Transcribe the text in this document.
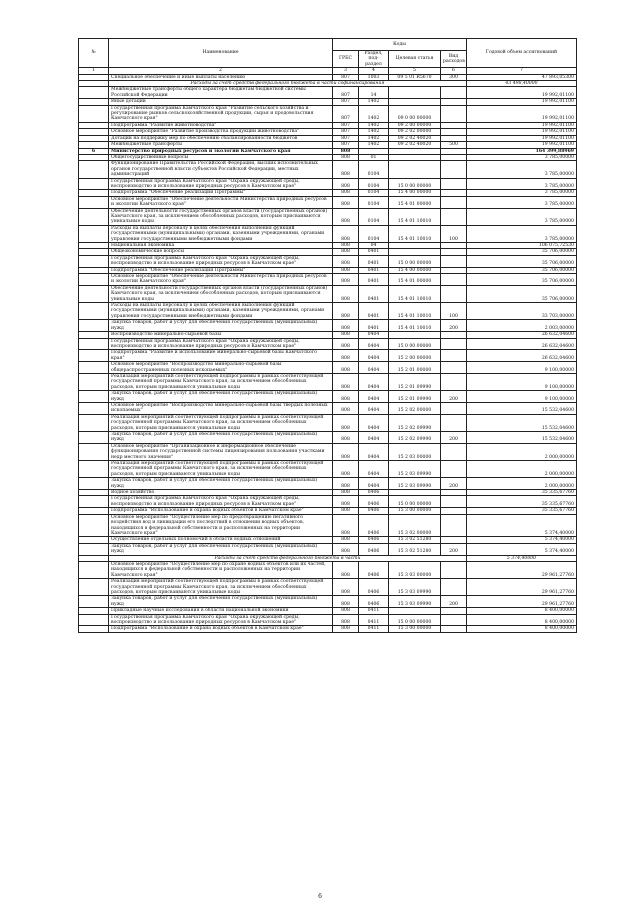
№	Наименование	Коды				Годовой объем ассигнований
		ГРБС	Раздел, под-раздел	Целевая статья	Вид расходов	
1	2	3	4	5	6	7
	Специальное обеспечение и иные выплаты населению	807	1003	09 5 01 R5670	300	47 893,05300
	Расходы за счет средств федерального бюджета в части софинансирования					43 498,40000
	Межбюджетные трансферты общего характера бюджетам бюджетной системы Российской Федерации	807	14			19 992,01100
	Иные дотации	807	1402			19 992,01100
	Государственная программа Камчатского края "Развитие сельского хозяйства и регулирование рынков сельскохозяйственной продукции, сырья и продовольствия Камчатского края"	807	1402	09 0 00 00000		19 992,01100
	Подпрограмма "Развитие животноводства"	807	1402	09 2 00 00000		19 992,01100
	Основное мероприятие "Развитие производства продукции животноводства"	807	1402	09 2 02 00000		19 992,01100
	Дотации на поддержку мер по обеспечению сбалансированности бюджетов	807	1402	09 2 02 40020		19 992,01100
	Межбюджетные трансферты	807	1402	09 2 02 40020	500	19 992,01100
6	Министерство природных ресурсов и экологии Камчатского края	808				164 399,88969
	Общегосударственные вопросы	808	01			3 785,00000
	Функционирование Правительства Российской Федерации, высших исполнительных органов государственной власти субъектов Российской Федерации, местных администраций	808	0104			3 785,00000
	Государственная программа Камчатского края "Охрана окружающей среды, воспроизводство и использование природных ресурсов в Камчатском крае"	808	0104	15 0 00 00000		3 785,00000
	Подпрограмма "Обеспечение реализации Программы"	808	0104	15 4 00 00000		3 785,00000
	Основное мероприятие "Обеспечение деятельности Министерства природных ресурсов и экологии Камчатского края"	808	0104	15 4 01 00000		3 785,00000
	Обеспечение деятельности государственных органов власти (государственных органов) Камчатского края, за исключением обособленных расходов, которым присваиваются уникальные коды	808	0104	15 4 01 10010		3 785,00000
	Расходы на выплаты персоналу в целях обеспечения выполнения функций государственными (муниципальными) органами, казенными учреждениями, органами управления государственными внебюджетными фондами	808	0104	15 4 01 10010	100	3 785,00000
	Национальная экономика	808	04			106 075,72530
	Общеэкономические вопросы	808	0401			35 706,00000
	Государственная программа Камчатского края "Охрана окружающей среды, воспроизводство и использование природных ресурсов в Камчатском крае"	808	0401	15 0 00 00000		35 706,00000
	Подпрограмма "Обеспечение реализации Программы"	808	0401	15 4 00 00000		35 706,00000
	Основное мероприятие "Обеспечение деятельности Министерства природных ресурсов и экологии Камчатского края"	808	0401	15 4 01 00000		35 706,00000
	Обеспечение деятельности государственных органов власти (государственных органов) Камчатского края, за исключением обособленных расходов, которым присваиваются уникальные коды	808	0401	15 4 01 10010		35 706,00000
	Расходы на выплаты персоналу в целях обеспечения выполнения функций государственными (муниципальными) органами, казенными учреждениями, органами управления государственными внебюджетными фондами	808	0401	15 4 01 10010	100	33 703,00000
	Закупка товаров, работ и услуг для обеспечения государственных (муниципальных) нужд	808	0401	15 4 01 10010	200	2 003,00000
	Воспроизводство минерально-сырьевой базы	808	0404			26 632,04600
	Государственная программа Камчатского края "Охрана окружающей среды, воспроизводство и использование природных ресурсов в Камчатском крае"	808	0404	15 0 00 00000		26 632,04600
	Подпрограмма "Развитие и использование минерально-сырьевой базы Камчатского края"	808	0404	15 2 00 00000		26 632,04600
	Основное мероприятие "Воспроизводство минерально-сырьевой базы общераспространенных полезных ископаемых"	808	0404	15 2 01 00000		9 100,00000
	Реализация мероприятий соответствующей подпрограммы в рамках соответствующей государственной программы Камчатского края, за исключением обособленных расходов, которым присваиваются уникальные коды	808	0404	15 2 01 09990		9 100,00000
	Закупка товаров, работ и услуг для обеспечения государственных (муниципальных) нужд	808	0404	15 2 01 09990	200	9 100,00000
	Основное мероприятие "Воспроизводство минерально-сырьевой базы твердых полезных ископаемых"	808	0404	15 2 02 00000		15 532,04600
	Реализация мероприятий соответствующей подпрограммы в рамках соответствующей государственной программы Камчатского края, за исключением обособленных расходов, которым присваиваются уникальные коды	808	0404	15 2 02 09990		15 532,04600
	Закупка товаров, работ и услуг для обеспечения государственных (муниципальных) нужд	808	0404	15 2 02 09990	200	15 532,04600
	Основное мероприятие "Организационное и информационное обеспечение функционирования государственной системы лицензирования пользования участками недр местного значения"	808	0404	15 2 03 00000		2 000,00000
	Реализация мероприятий соответствующей подпрограммы в рамках соответствующей государственной программы Камчатского края, за исключением обособленных расходов, которым присваиваются уникальные коды	808	0404	15 2 03 09990		2 000,00000
	Закупка товаров, работ и услуг для обеспечения государственных (муниципальных) нужд	808	0404	15 2 03 09990	200	2 000,00000
	Водное хозяйство	808	0406			35 335,67760
	Государственная программа Камчатского края "Охрана окружающей среды, воспроизводство и использование природных ресурсов в Камчатском крае"	808	0406	15 0 00 00000		35 335,67760
	Подпрограмма "Использование и охрана водных объектов в Камчатском крае"	808	0406	15 3 00 00000		35 335,67760
	Основное мероприятие "Осуществление мер по предотвращению негативного воздействия вод и ликвидации его последствий в отношении водных объектов, находящихся в федеральной собственности и расположенных на территории Камчатского края"	808	0406	15 3 02 00000		5 374,40000
	Осуществление отдельных полномочий в области водных отношений	808	0406	15 3 02 51280		5 374,40000
	Закупка товаров, работ и услуг для обеспечения государственных (муниципальных) нужд	808	0406	15 3 02 51280	200	5 374,40000
	Расходы за счет средств федерального бюджета в части					5 374,40000
	Основное мероприятие "Осуществление мер по охране водных объектов или их частей, находящихся в федеральной собственности и расположенных на территории Камчатского края"	808	0406	15 3 03 00000		29 961,27760
	Реализация мероприятий соответствующей подпрограммы в рамках соответствующей государственной программы Камчатского края, за исключением обособленных расходов, которым присваиваются уникальные коды	808	0406	15 3 03 09990		29 961,27760
	Закупка товаров, работ и услуг для обеспечения государственных (муниципальных) нужд	808	0406	15 3 03 09990	200	29 961,27760
	Прикладные научные исследования в области национальной экономики	808	0411			8 400,00000
	Государственная программа Камчатского края "Охрана окружающей среды, воспроизводство и использование природных ресурсов в Камчатском крае"	808	0411	15 0 00 00000		8 400,00000
	Подпрограмма "Использование и охрана водных объектов в Камчатском крае"	808	0411	15 3 00 00000		8 400,00000
6
